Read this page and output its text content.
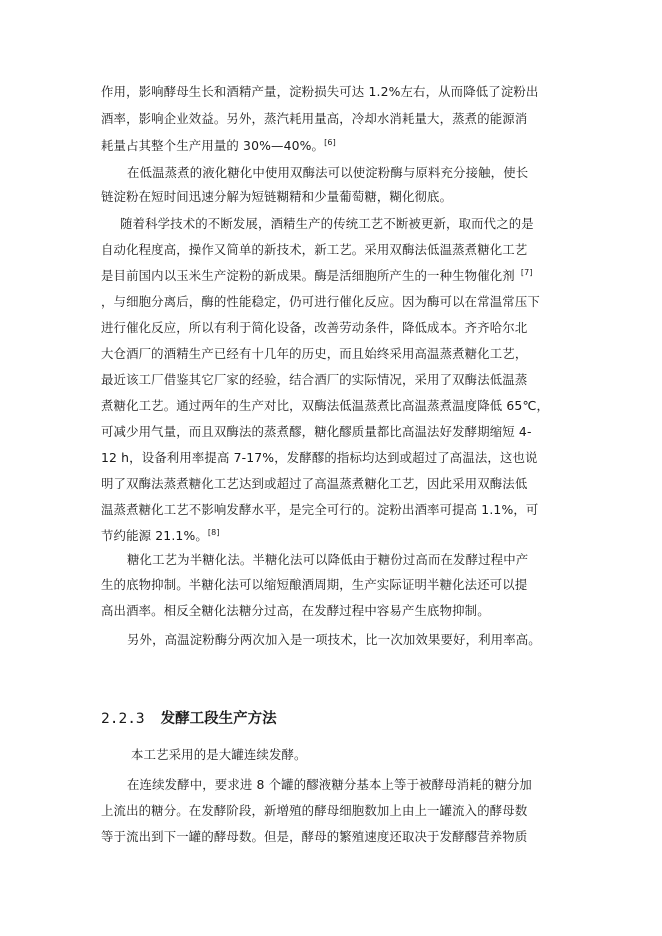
作用，影响酵母生长和酒精产量，淀粉损失可达 1.2%左右，从而降低了淀粉出
酒率，影响企业效益。另外，蒸汽耗用量高，冷却水消耗量大，蒸煮的能源消
耗量占其整个生产用量的 30%—40%。[6]
在低温蒸煮的液化糖化中使用双酶法可以使淀粉酶与原料充分接触，使长
链淀粉在短时间迅速分解为短链糊精和少量葡萄糖，糊化彻底。
随着科学技术的不断发展，酒精生产的传统工艺不断被更新，取而代之的是
自动化程度高，操作又简单的新技术，新工艺。采用双酶法低温蒸煮糖化工艺
是目前国内以玉米生产淀粉的新成果。酶是活细胞所产生的一种生物催化剂 [7]
，与细胞分离后，酶的性能稳定，仍可进行催化反应。因为酶可以在常温常压下
进行催化反应，所以有利于简化设备，改善劳动条件，降低成本。齐齐哈尔北
大仓酒厂的酒精生产已经有十几年的历史，而且始终采用高温蒸煮糖化工艺，
最近该工厂借鉴其它厂家的经验，结合酒厂的实际情况，采用了双酶法低温蒸
煮糖化工艺。通过两年的生产对比，双酶法低温蒸煮比高温蒸煮温度降低 65℃，
可减少用气量，而且双酶法的蒸煮醪，糖化醪质量都比高温法好发酵期缩短 4-
12 h，设备利用率提高 7-17%，发酵醪的指标均达到或超过了高温法，这也说
明了双酶法蒸煮糖化工艺达到或超过了高温蒸煮糖化工艺，因此采用双酶法低
温蒸煮糖化工艺不影响发酵水平，是完全可行的。淀粉出酒率可提高 1.1%，可
节约能源 21.1%。[8]
糖化工艺为半糖化法。半糖化法可以降低由于糖份过高而在发酵过程中产
生的底物抑制。半糖化法可以缩短酿酒周期，生产实际证明半糖化法还可以提
高出酒率。相反全糖化法糖分过高，在发酵过程中容易产生底物抑制。
另外，高温淀粉酶分两次加入是一项技术，比一次加效果要好，利用率高。
2.2.3 发酵工段生产方法
本工艺采用的是大罐连续发酵。
在连续发酵中，要求进 8 个罐的醪液糖分基本上等于被酵母消耗的糖分加
上流出的糖分。在发酵阶段，新增殖的酵母细胞数加上由上一罐流入的酵母数
等于流出到下一罐的酵母数。但是，酵母的繁殖速度还取决于发酵醪营养物质
